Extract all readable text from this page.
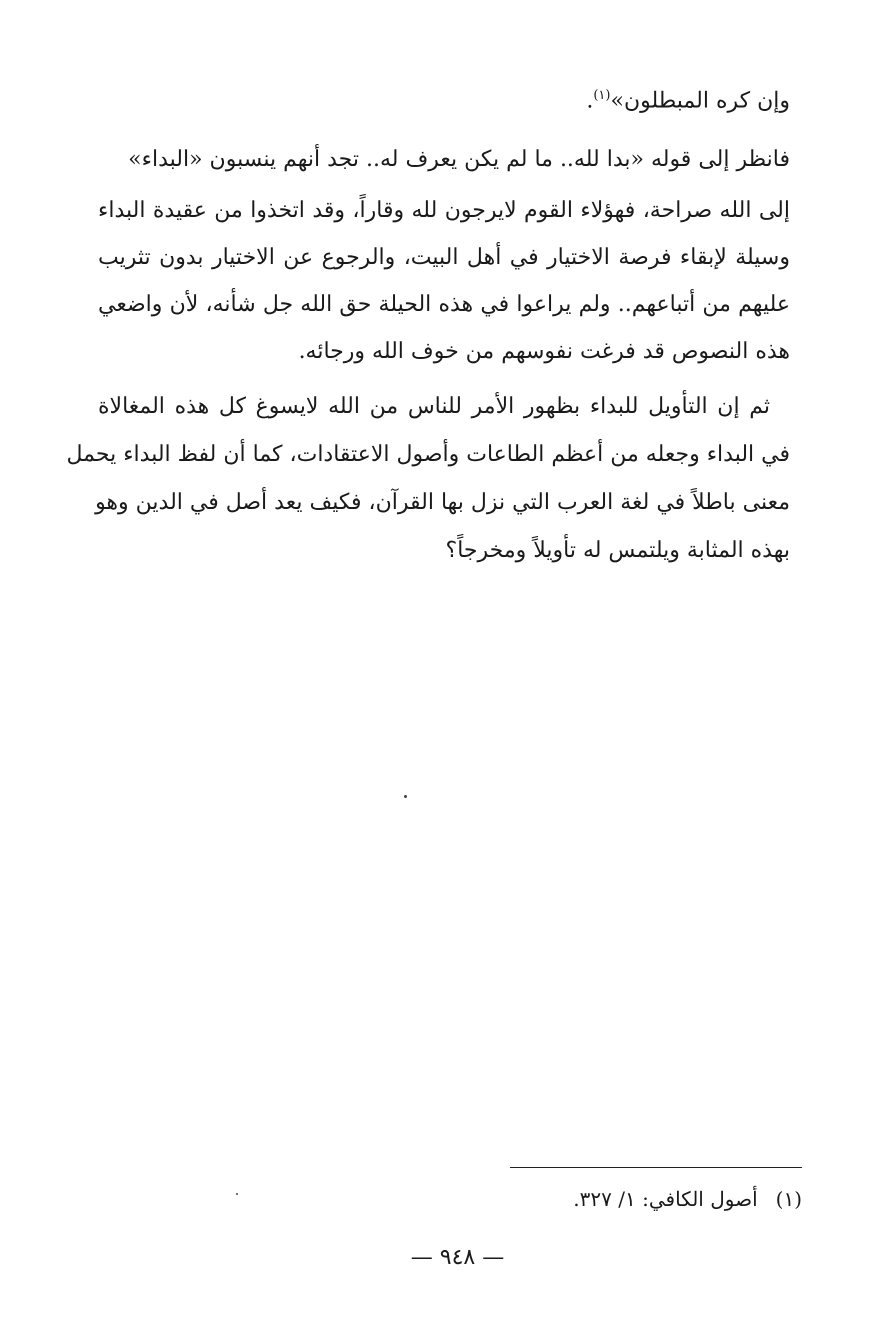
وإن كره المبطلون»$^{(١)}$.
فانظر إلى قوله «بدا لله.. ما لم يكن يعرف له.. تجد أنهم ينسبون «البداء»
إلى الله صراحة، فهؤلاء القوم لايرجون لله وقاراً، وقد اتخذوا من عقيدة البداء
وسيلة لإبقاء فرصة الاختيار في أهل البيت، والرجوع عن الاختيار بدون تثريب
عليهم من أتباعهم.. ولم يراعوا في هذه الحيلة حق الله جل شأنه، لأن واضعي
هذه النصوص قد فرغت نفوسهم من خوف الله ورجائه.
ثم إن التأويل للبداء بظهور الأمر للناس من الله لايسوغ كل هذه المغالاة
في البداء وجعله من أعظم الطاعات وأصول الاعتقادات، كما أن لفظ البداء يحمل
معنى باطلاً في لغة العرب التي نزل بها القرآن، فكيف يعد أصل في الدين وهو
بهذه المثابة ويلتمس له تأويلاً ومخرجاً؟
(١)أصول الكافي: ١/ ٣٢٧.
— ٩٤٨ —
